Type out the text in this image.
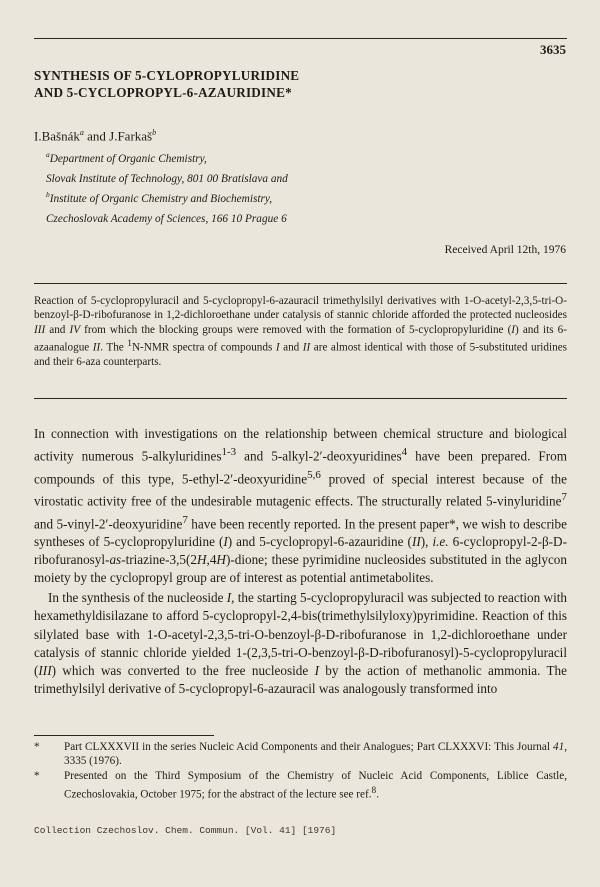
3635
SYNTHESIS OF 5-CYLOPROPYLURIDINE
AND 5-CYCLOPROPYL-6-AZAURIDINE*
I.Bašnák$^a$ and J.Farkaš$^b$
$^a$Department of Organic Chemistry,
Slovak Institute of Technology, 801 00 Bratislava and
$^b$Institute of Organic Chemistry and Biochemistry,
Czechoslovak Academy of Sciences, 166 10 Prague 6
Received April 12th, 1976
Reaction of 5-cyclopropyluracil and 5-cyclopropyl-6-azauracil trimethylsilyl derivatives with 1-O-acetyl-2,3,5-tri-O-benzoyl-β-D-ribofuranose in 1,2-dichloroethane under catalysis of stannic chloride afforded the protected nucleosides III and IV from which the blocking groups were removed with the formation of 5-cyclopropyluridine (I) and its 6-azaanalogue II. The $^1$N-NMR spectra of compounds I and II are almost identical with those of 5-substituted uridines and their 6-aza counterparts.

In connection with investigations on the relationship between chemical structure and biological activity numerous 5-alkyluridines$^{1-3}$ and 5-alkyl-2′-deoxyuridines$^4$ have been prepared. From compounds of this type, 5-ethyl-2′-deoxyuridine$^{5,6}$ proved of special interest because of the virostatic activity free of the undesirable mutagenic effects. The structurally related 5-vinyluridine$^7$ and 5-vinyl-2′-deoxyuridine$^7$ have been recently reported. In the present paper*, we wish to describe syntheses of 5-cyclopropyluridine (I) and 5-cyclopropyl-6-azauridine (II), i.e. 6-cyclopropyl-2-β-D-ribofuranosyl-as-triazine-3,5(2H,4H)-dione; these pyrimidine nucleosides substituted in the aglycon moiety by the cyclopropyl group are of interest as potential antimetabolites.

In the synthesis of the nucleoside I, the starting 5-cyclopropyluracil was subjected to reaction with hexamethyldisilazane to afford 5-cyclopropyl-2,4-bis(trimethylsilyloxy)pyrimidine. Reaction of this silylated base with 1-O-acetyl-2,3,5-tri-O-benzoyl-β-D-ribofuranose in 1,2-dichloroethane under catalysis of stannic chloride yielded 1-(2,3,5-tri-O-benzoyl-β-D-ribofuranosyl)-5-cyclopropyluracil (III) which was converted to the free nucleoside I by the action of methanolic ammonia. The trimethylsilyl derivative of 5-cyclopropyl-6-azauracil was analogously transformed into

* Part CLXXXVII in the series Nucleic Acid Components and their Analogues; Part CLXXXVI: This Journal 41, 3335 (1976).
* Presented on the Third Symposium of the Chemistry of Nucleic Acid Components, Liblice Castle, Czechoslovakia, October 1975; for the abstract of the lecture see ref.$^8$.
Collection Czechoslov. Chem. Commun. [Vol. 41] [1976]
